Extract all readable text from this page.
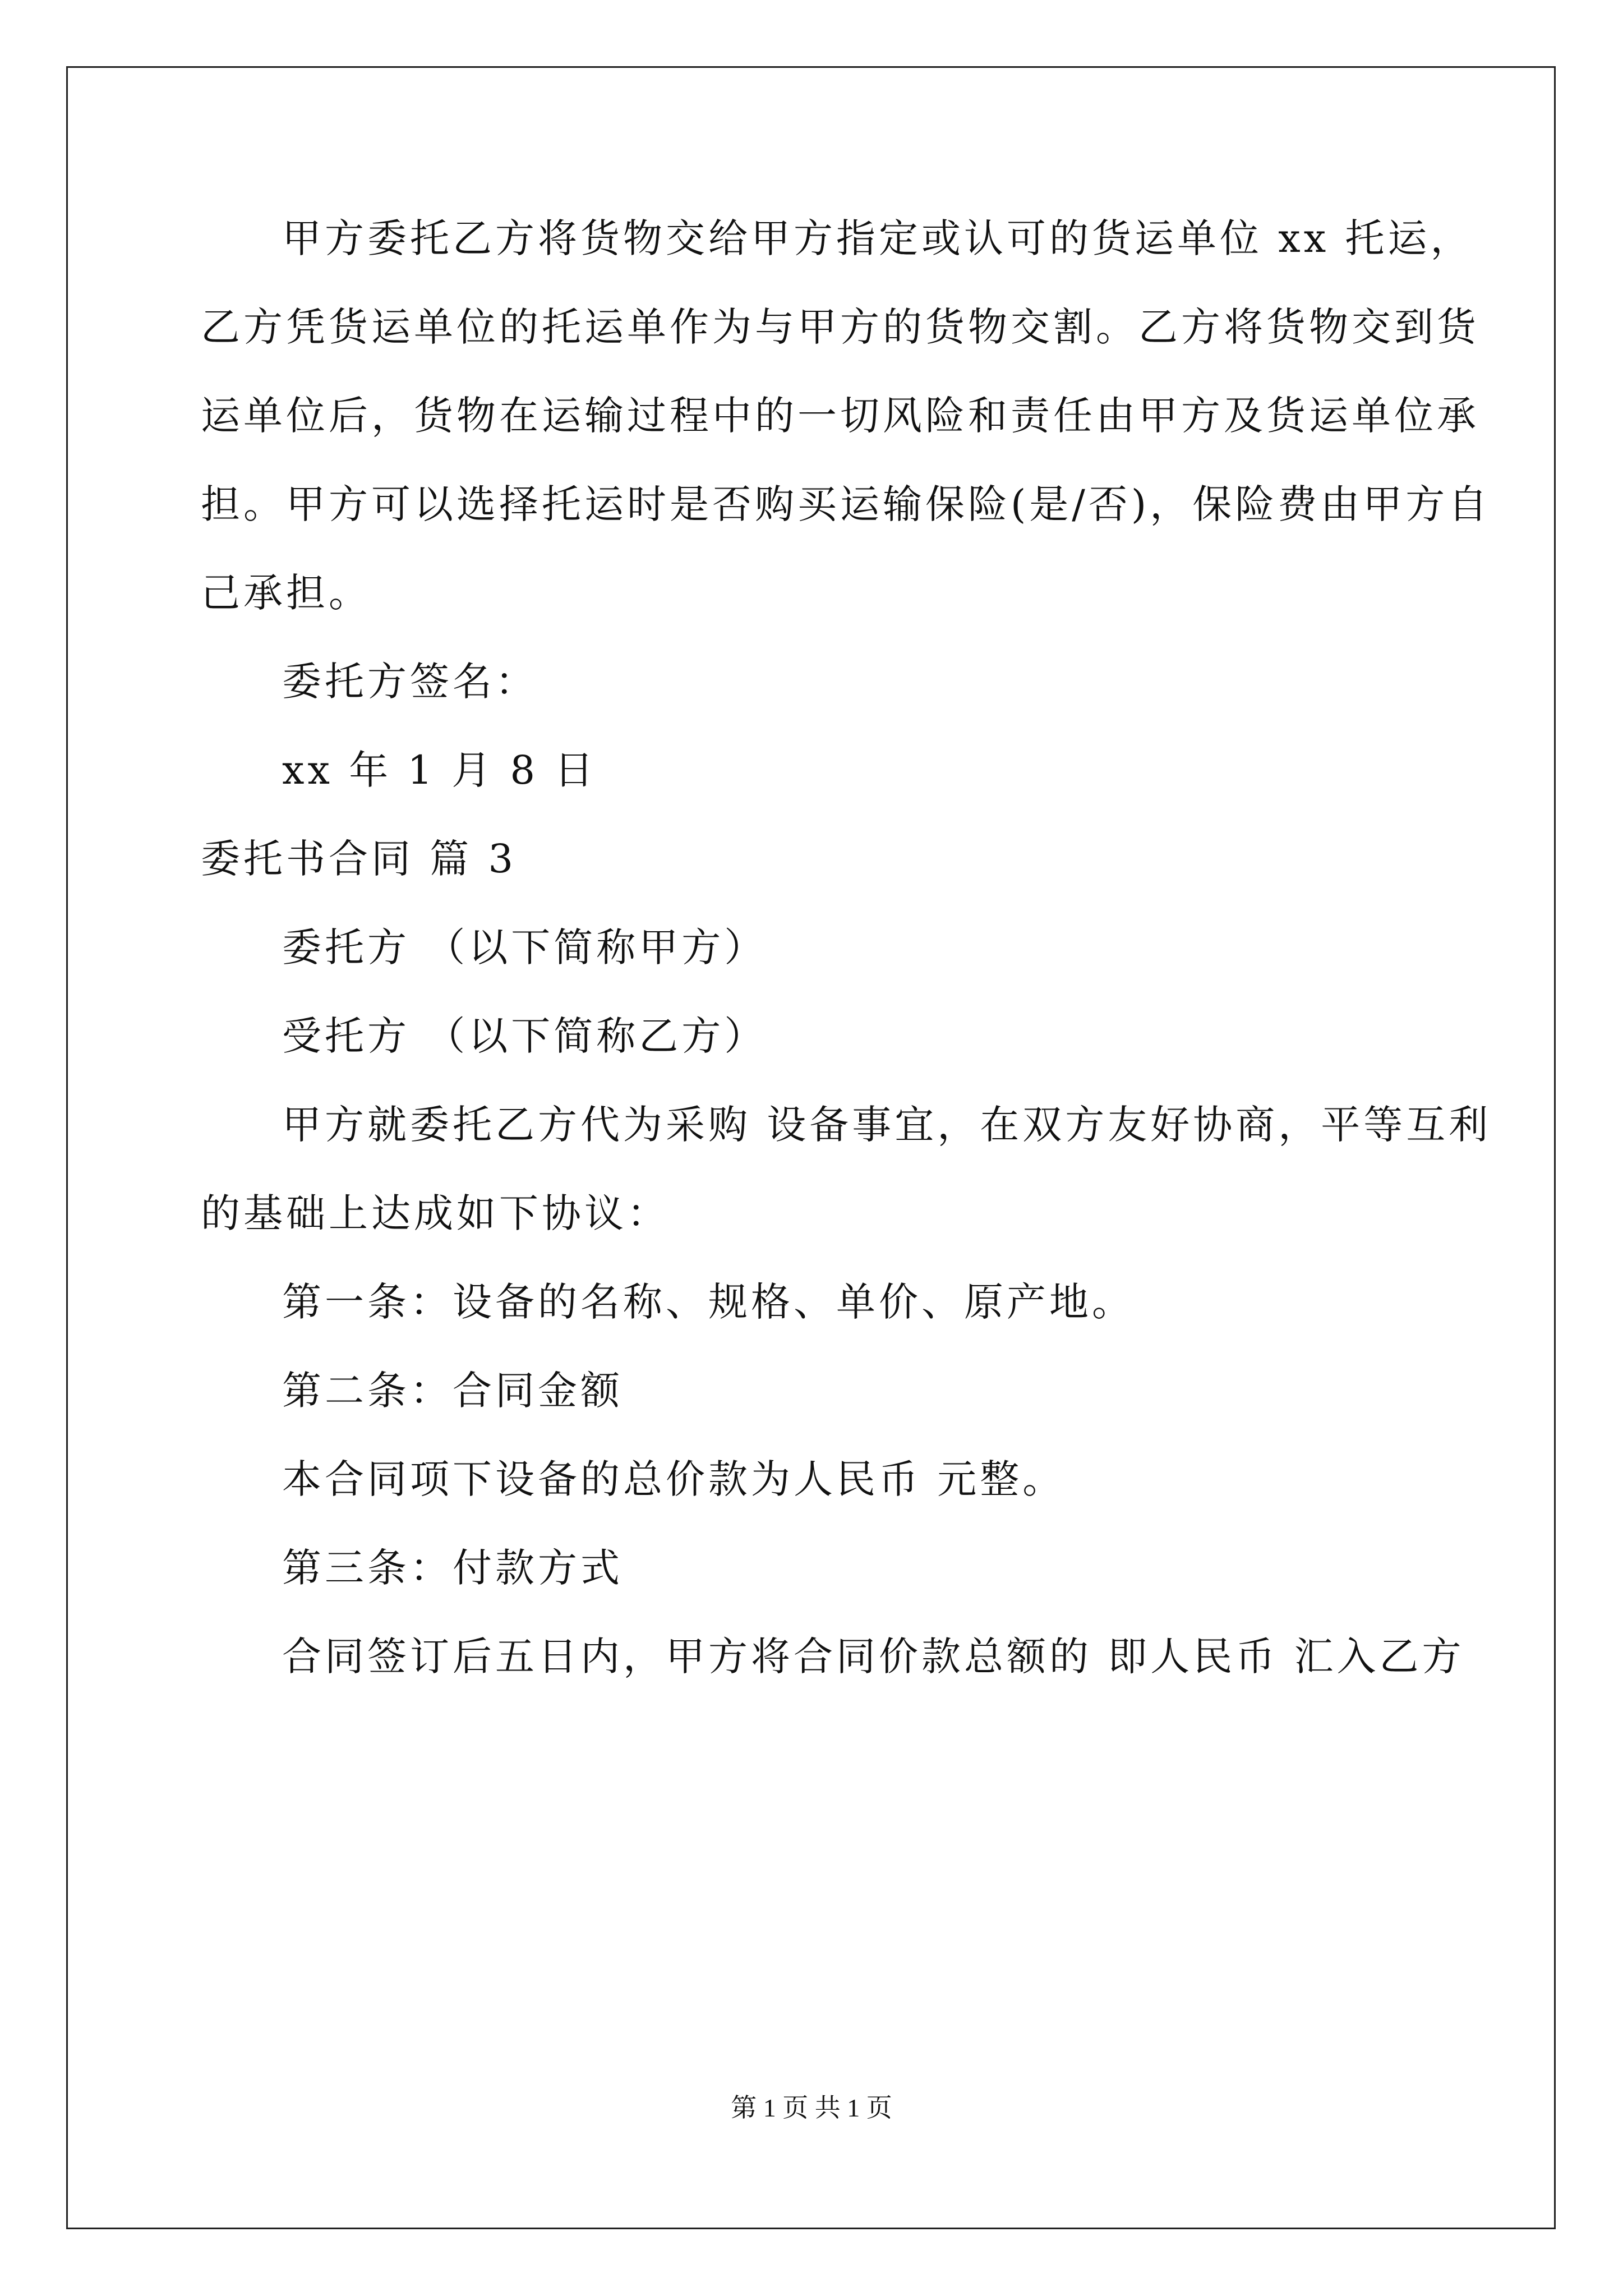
甲方委托乙方将货物交给甲方指定或认可的货运单位 xx 托运，
乙方凭货运单位的托运单作为与甲方的货物交割。乙方将货物交到货
运单位后，货物在运输过程中的一切风险和责任由甲方及货运单位承
担。甲方可以选择托运时是否购买运输保险(是/否)，保险费由甲方自
己承担。
委托方签名：
xx 年 1 月 8 日
委托书合同 篇 3
委托方 （以下简称甲方）
受托方 （以下简称乙方）
甲方就委托乙方代为采购 设备事宜，在双方友好协商，平等互利
的基础上达成如下协议：
第一条：设备的名称、规格、单价、原产地。
第二条：合同金额
本合同项下设备的总价款为人民币 元整。
第三条：付款方式
合同签订后五日内，甲方将合同价款总额的 即人民币 汇入乙方
第 1 页 共 1 页
